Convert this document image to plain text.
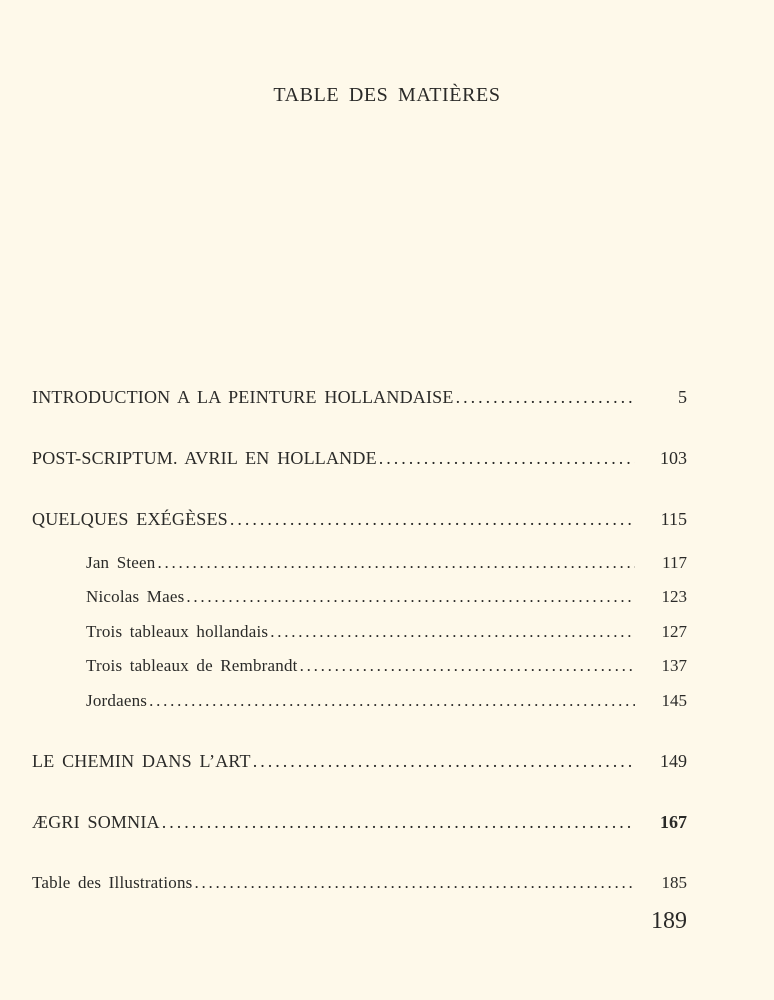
TABLE DES MATIÈRES
INTRODUCTION A LA PEINTURE HOLLANDAISE . . .	5
POST-SCRIPTUM. AVRIL EN HOLLANDE . . .	103
QUELQUES EXÉGÈSES . . .	115
Jan Steen . . .	117
Nicolas Maes . . .	123
Trois tableaux hollandais . . .	127
Trois tableaux de Rembrandt . . .	137
Jordaens . . .	145
LE CHEMIN DANS L’ART . . .	149
ÆGRI SOMNIA . . .	167
Table des Illustrations . . .	185
189
